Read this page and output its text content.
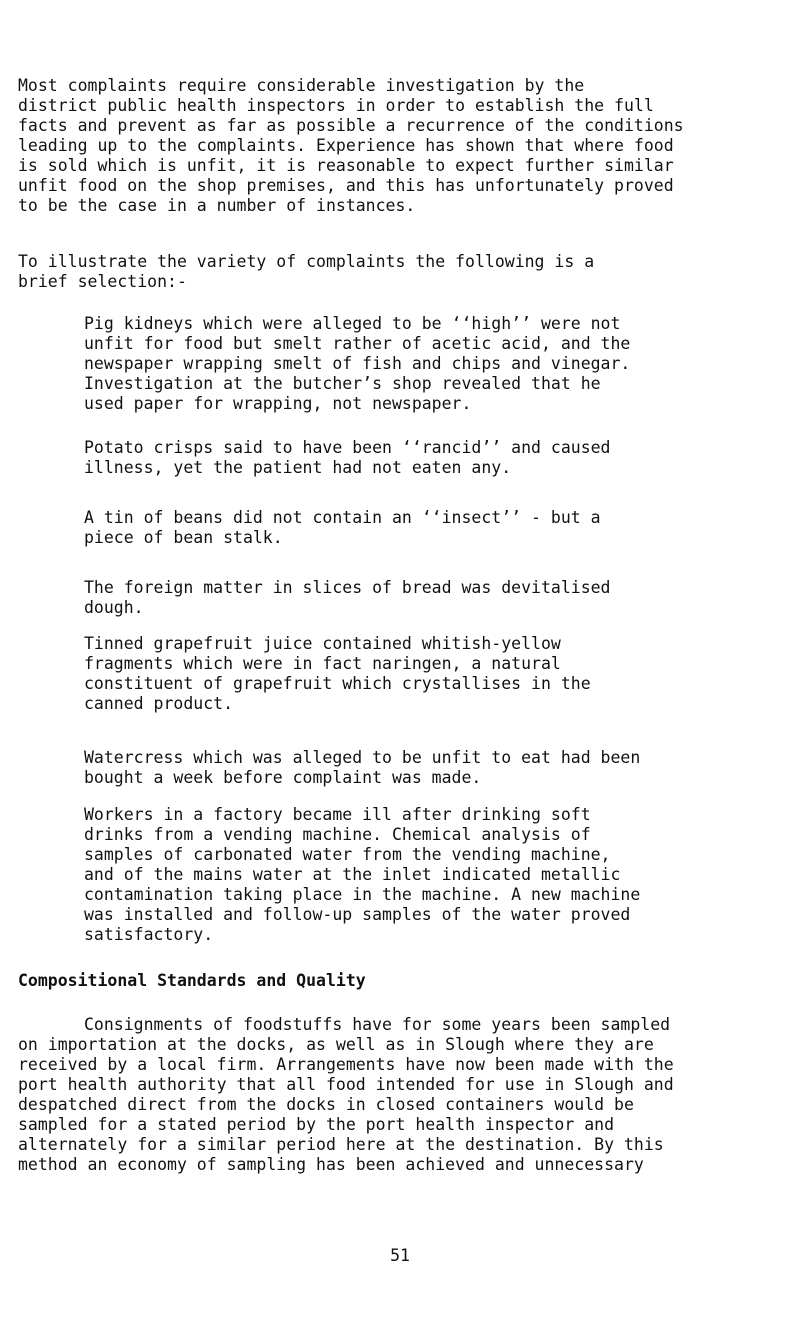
Most complaints require considerable investigation by the
district public health inspectors in order to establish the full
facts and prevent as far as possible a recurrence of the conditions
leading up to the complaints. Experience has shown that where food
is sold which is unfit, it is reasonable to expect further similar
unfit food on the shop premises, and this has unfortunately proved
to be the case in a number of instances.

To illustrate the variety of complaints the following is a
brief selection:-

Pig kidneys which were alleged to be ‘‘high’’ were not
unfit for food but smelt rather of acetic acid, and the
newspaper wrapping smelt of fish and chips and vinegar.
Investigation at the butcher’s shop revealed that he
used paper for wrapping, not newspaper.

Potato crisps said to have been ‘‘rancid’’ and caused
illness, yet the patient had not eaten any.

A tin of beans did not contain an ‘‘insect’’ - but a
piece of bean stalk.

The foreign matter in slices of bread was devitalised
dough.

Tinned grapefruit juice contained whitish-yellow
fragments which were in fact naringen, a natural
constituent of grapefruit which crystallises in the
canned product.

Watercress which was alleged to be unfit to eat had been
bought a week before complaint was made.

Workers in a factory became ill after drinking soft
drinks from a vending machine. Chemical analysis of
samples of carbonated water from the vending machine,
and of the mains water at the inlet indicated metallic
contamination taking place in the machine. A new machine
was installed and follow-up samples of the water proved
satisfactory.

Compositional Standards and Quality

Consignments of foodstuffs have for some years been sampled
on importation at the docks, as well as in Slough where they are
received by a local firm. Arrangements have now been made with the
port health authority that all food intended for use in Slough and
despatched direct from the docks in closed containers would be
sampled for a stated period by the port health inspector and
alternately for a similar period here at the destination. By this
method an economy of sampling has been achieved and unnecessary

51
